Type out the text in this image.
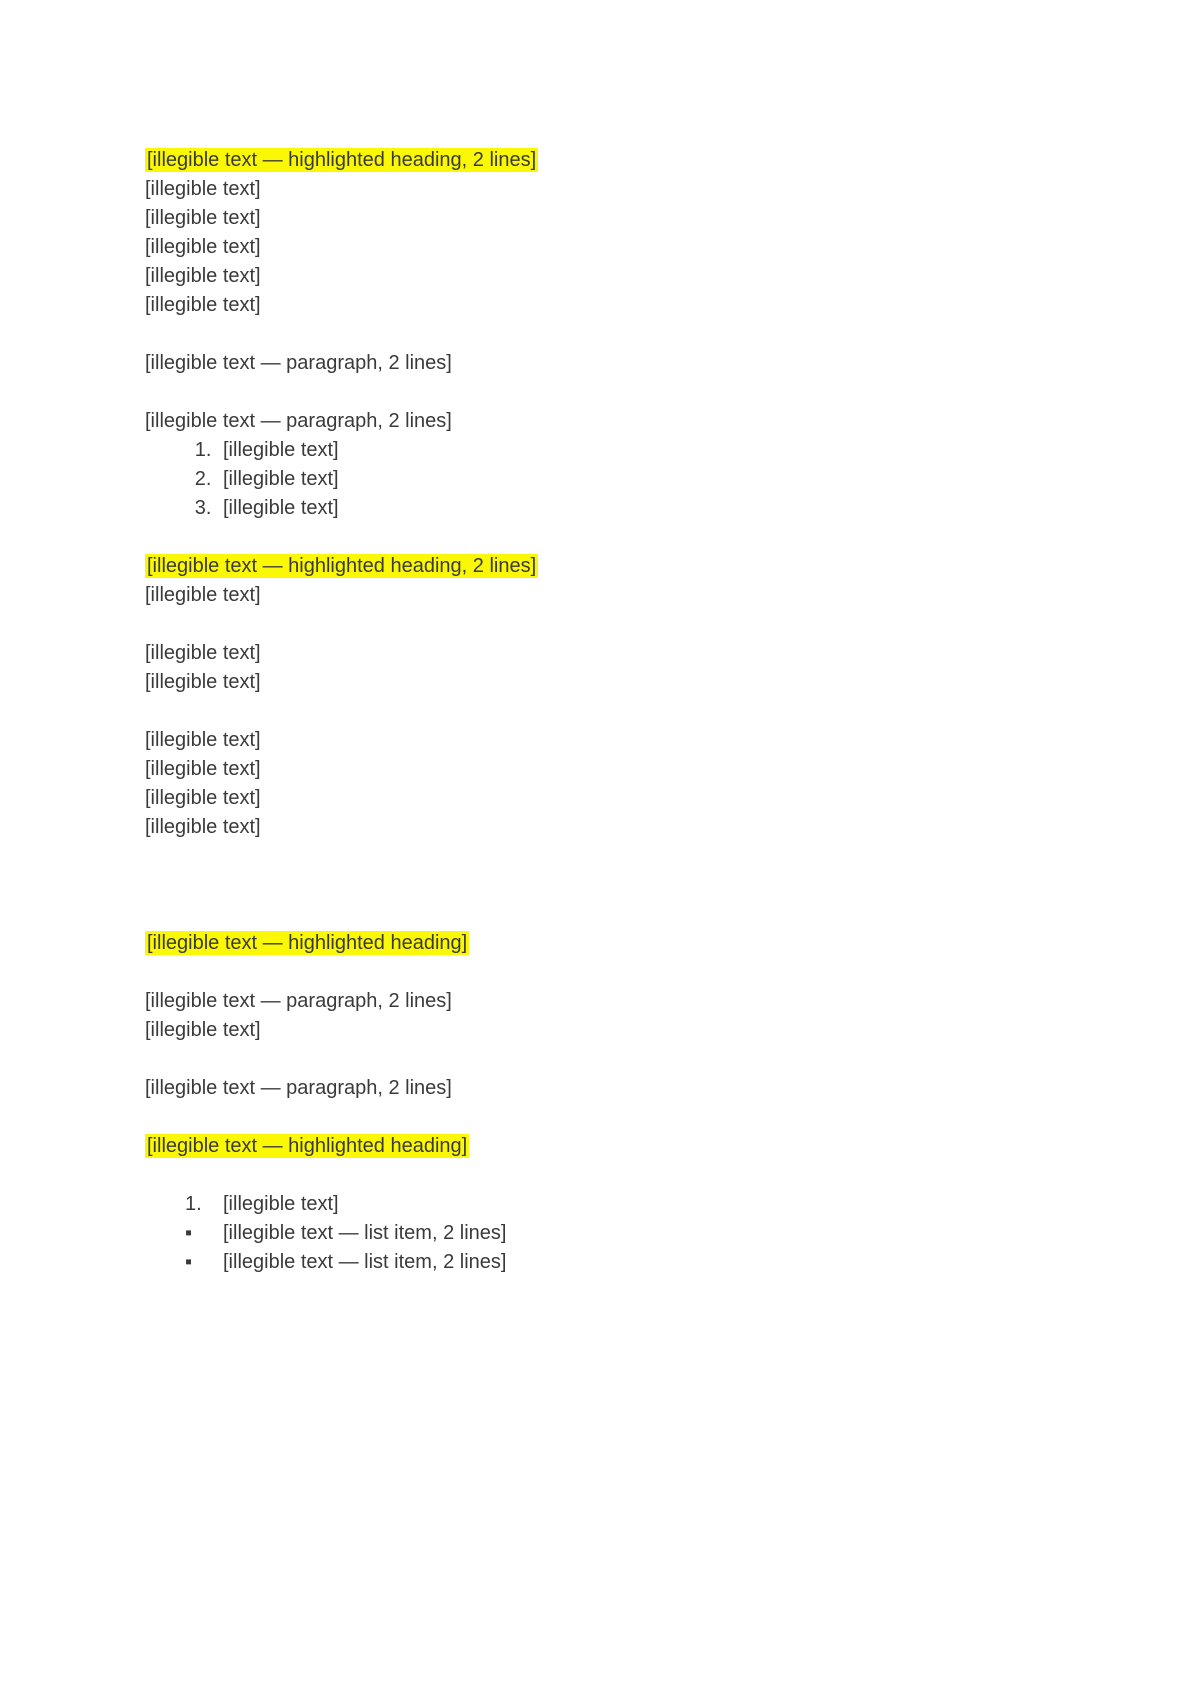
[illegible text — highlighted heading, 2 lines]

[illegible text]

[illegible text]

[illegible text]

[illegible text]

[illegible text]

[illegible text — paragraph, 2 lines]

[illegible text — paragraph, 2 lines]

1. [illegible text]
2. [illegible text]
3. [illegible text]

[illegible text — highlighted heading, 2 lines]

[illegible text]

[illegible text]

[illegible text]

[illegible text]

[illegible text]

[illegible text]

[illegible text]

[illegible text — highlighted heading]

[illegible text — paragraph, 2 lines]

[illegible text]

[illegible text — paragraph, 2 lines]

[illegible text — highlighted heading]

1. [illegible text]
▪ [illegible text — list item, 2 lines]
▪ [illegible text — list item, 2 lines]
